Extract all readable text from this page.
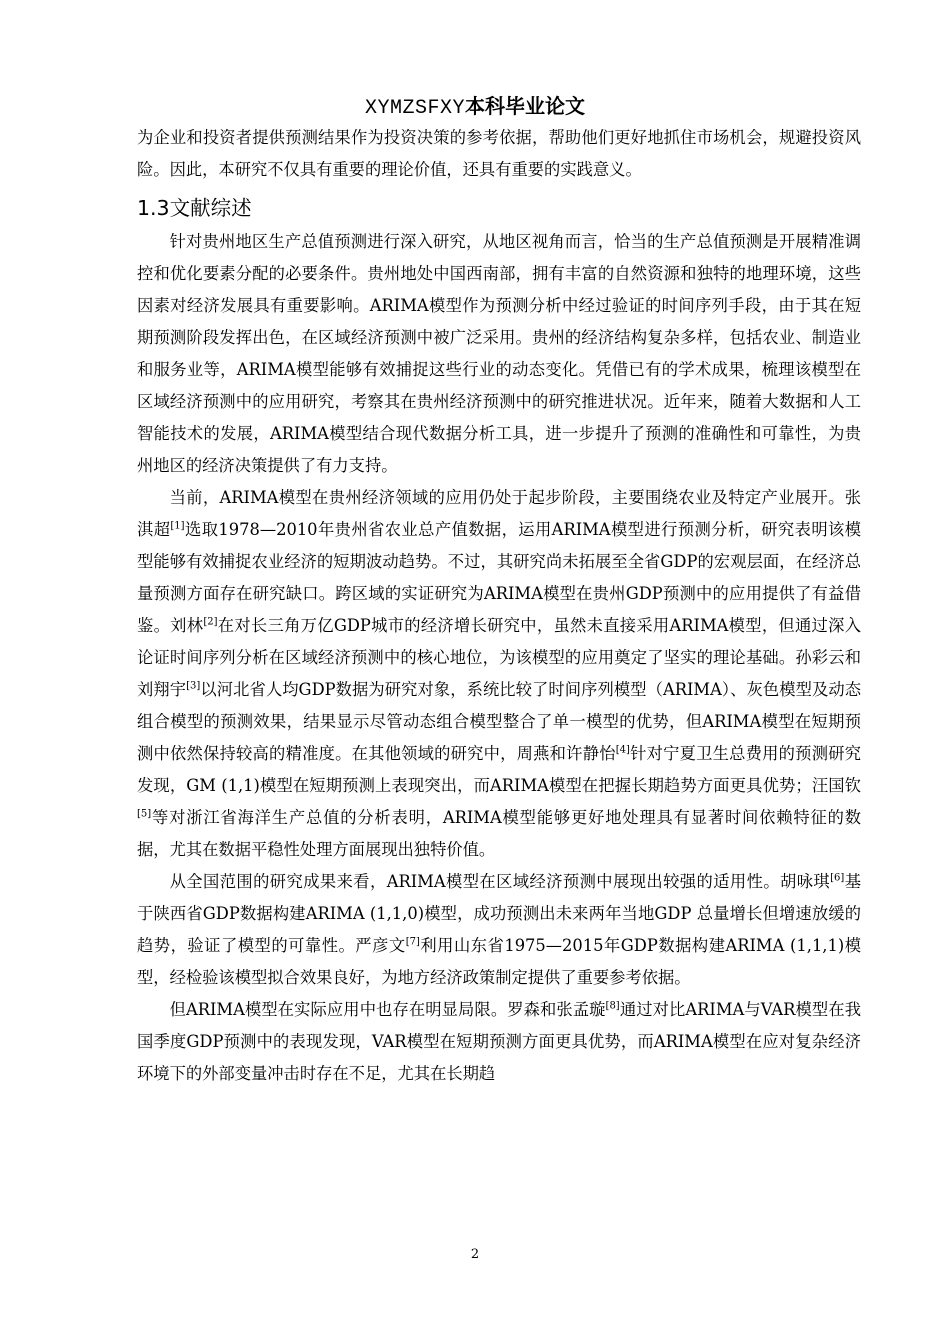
XYMZSFXY本科毕业论文

为企业和投资者提供预测结果作为投资决策的参考依据，帮助他们更好地抓住市场机会，规避投资风险。因此，本研究不仅具有重要的理论价值，还具有重要的实践意义。

1.3文献综述

针对贵州地区生产总值预测进行深入研究，从地区视角而言，恰当的生产总值预测是开展精准调控和优化要素分配的必要条件。贵州地处中国西南部，拥有丰富的自然资源和独特的地理环境，这些因素对经济发展具有重要影响。ARIMA模型作为预测分析中经过验证的时间序列手段，由于其在短期预测阶段发挥出色，在区域经济预测中被广泛采用。贵州的经济结构复杂多样，包括农业、制造业和服务业等，ARIMA模型能够有效捕捉这些行业的动态变化。凭借已有的学术成果，梳理该模型在区域经济预测中的应用研究，考察其在贵州经济预测中的研究推进状况。近年来，随着大数据和人工智能技术的发展，ARIMA模型结合现代数据分析工具，进一步提升了预测的准确性和可靠性，为贵州地区的经济决策提供了有力支持。

当前，ARIMA模型在贵州经济领域的应用仍处于起步阶段，主要围绕农业及特定产业展开。张淇超[1]选取1978—2010年贵州省农业总产值数据，运用ARIMA模型进行预测分析，研究表明该模型能够有效捕捉农业经济的短期波动趋势。不过，其研究尚未拓展至全省GDP的宏观层面，在经济总量预测方面存在研究缺口。跨区域的实证研究为ARIMA模型在贵州GDP预测中的应用提供了有益借鉴。刘林[2]在对长三角万亿GDP城市的经济增长研究中，虽然未直接采用ARIMA模型，但通过深入论证时间序列分析在区域经济预测中的核心地位，为该模型的应用奠定了坚实的理论基础。孙彩云和刘翔宇[3]以河北省人均GDP数据为研究对象，系统比较了时间序列模型（ARIMA）、灰色模型及动态组合模型的预测效果，结果显示尽管动态组合模型整合了单一模型的优势，但ARIMA模型在短期预测中依然保持较高的精准度。在其他领域的研究中，周燕和许静怡[4]针对宁夏卫生总费用的预测研究发现，GM (1,1)模型在短期预测上表现突出，而ARIMA模型在把握长期趋势方面更具优势；汪国钦[5]等对浙江省海洋生产总值的分析表明，ARIMA模型能够更好地处理具有显著时间依赖特征的数据，尤其在数据平稳性处理方面展现出独特价值。

从全国范围的研究成果来看，ARIMA模型在区域经济预测中展现出较强的适用性。胡咏琪[6]基于陕西省GDP数据构建ARIMA (1,1,0)模型，成功预测出未来两年当地GDP 总量增长但增速放缓的趋势，验证了模型的可靠性。严彦文[7]利用山东省1975—2015年GDP数据构建ARIMA (1,1,1)模型，经检验该模型拟合效果良好，为地方经济政策制定提供了重要参考依据。

但ARIMA模型在实际应用中也存在明显局限。罗森和张孟璇[8]通过对比ARIMA与VAR模型在我国季度GDP预测中的表现发现，VAR模型在短期预测方面更具优势，而ARIMA模型在应对复杂经济环境下的外部变量冲击时存在不足，尤其在长期趋

2
